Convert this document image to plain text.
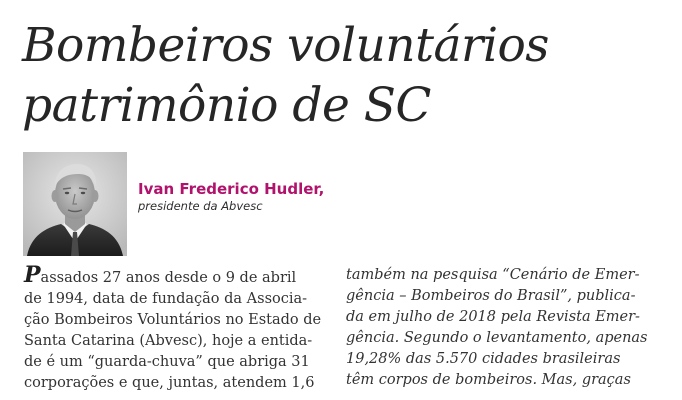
Bombeiros voluntários
patrimônio de SC
Ivan Frederico Hudler,
presidente da Abvesc
Passados 27 anos desde o 9 de abril
de 1994, data de fundação da Associa-
ção Bombeiros Voluntários no Estado de
Santa Catarina (Abvesc), hoje a entida-
de é um “guarda-chuva” que abriga 31
corporações e que, juntas, atendem 1,6
também na pesquisa “Cenário de Emer-
gência – Bombeiros do Brasil”, publica-
da em julho de 2018 pela Revista Emer-
gência. Segundo o levantamento, apenas
19,28% das 5.570 cidades brasileiras
têm corpos de bombeiros. Mas, graças
